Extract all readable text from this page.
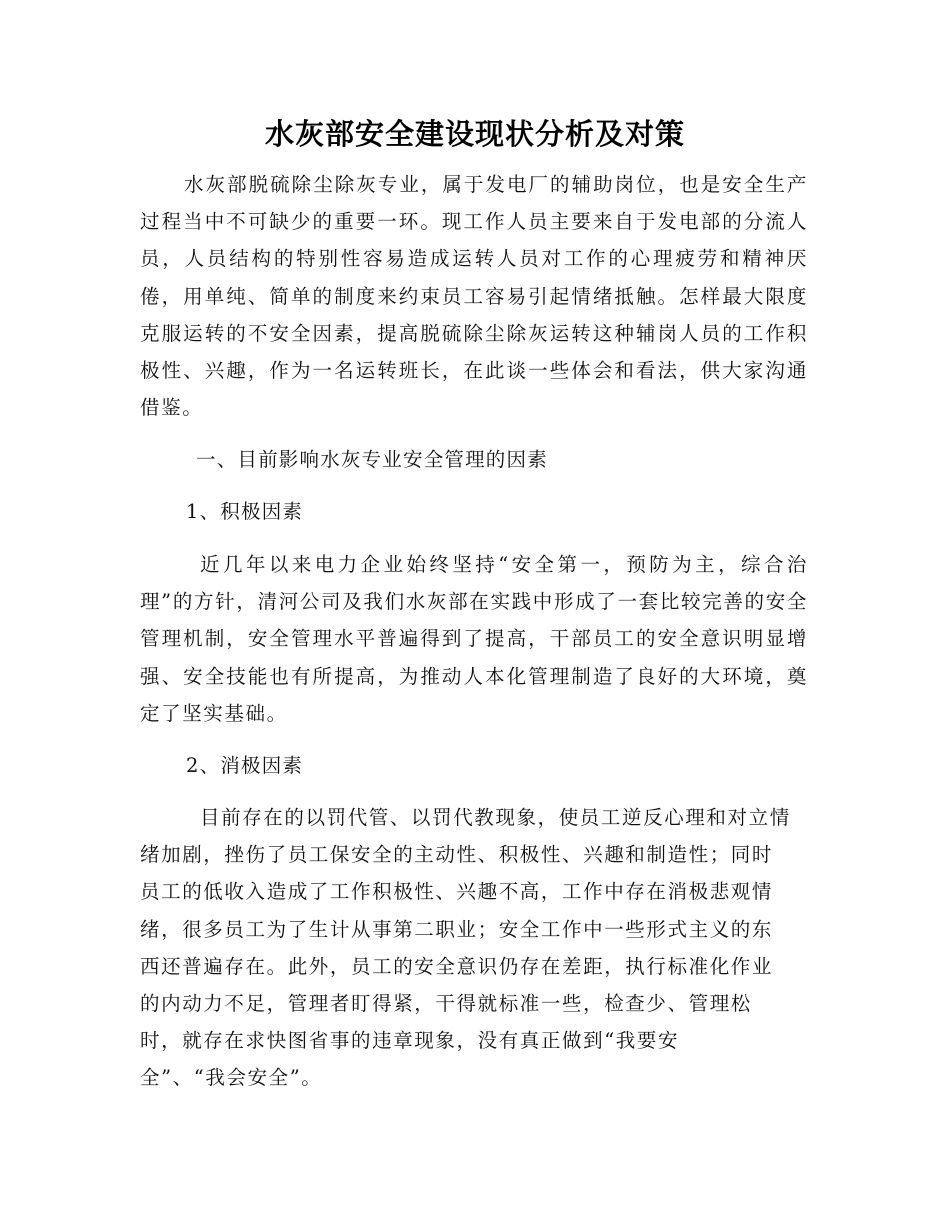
水灰部安全建设现状分析及对策

水灰部脱硫除尘除灰专业，属于发电厂的辅助岗位，也是安全生产过程当中不可缺少的重要一环。现工作人员主要来自于发电部的分流人员，人员结构的特别性容易造成运转人员对工作的心理疲劳和精神厌倦，用单纯、简单的制度来约束员工容易引起情绪抵触。怎样最大限度克服运转的不安全因素，提高脱硫除尘除灰运转这种辅岗人员的工作积极性、兴趣，作为一名运转班长，在此谈一些体会和看法，供大家沟通借鉴。

一、目前影响水灰专业安全管理的因素

1、积极因素

近几年以来电力企业始终坚持“安全第一，预防为主，综合治理”的方针，清河公司及我们水灰部在实践中形成了一套比较完善的安全管理机制，安全管理水平普遍得到了提高，干部员工的安全意识明显增强、安全技能也有所提高，为推动人本化管理制造了良好的大环境，奠定了坚实基础。

2、消极因素

目前存在的以罚代管、以罚代教现象，使员工逆反心理和对立情
绪加剧，挫伤了员工保安全的主动性、积极性、兴趣和制造性；同时
员工的低收入造成了工作积极性、兴趣不高，工作中存在消极悲观情
绪，很多员工为了生计从事第二职业；安全工作中一些形式主义的东
西还普遍存在。此外，员工的安全意识仍存在差距，执行标准化作业
的内动力不足，管理者盯得紧，干得就标准一些，检查少、管理松
时，就存在求快图省事的违章现象，没有真正做到“我要安
全”、“我会安全”。
